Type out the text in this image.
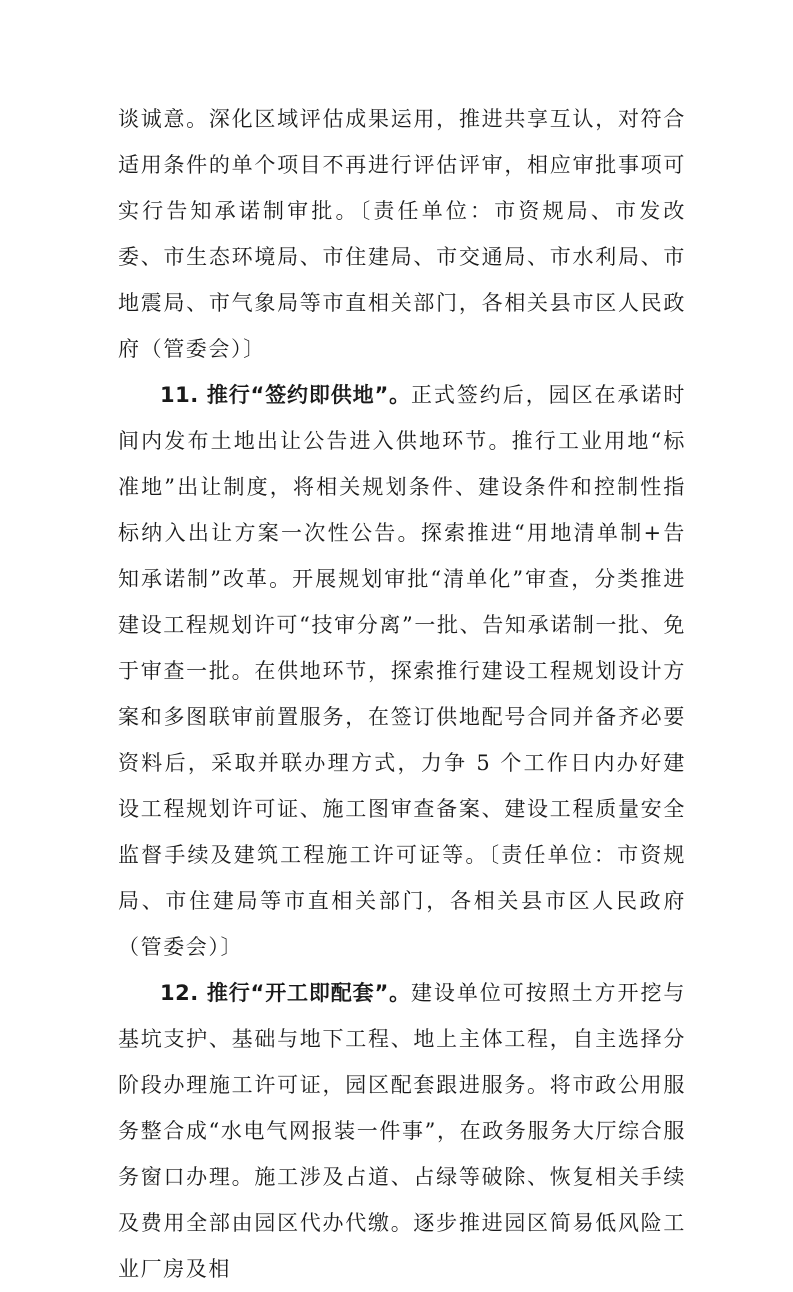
谈诚意。深化区域评估成果运用，推进共享互认，对符合适用条件的单个项目不再进行评估评审，相应审批事项可实行告知承诺制审批。〔责任单位：市资规局、市发改委、市生态环境局、市住建局、市交通局、市水利局、市地震局、市气象局等市直相关部门，各相关县市区人民政府（管委会）〕

11. 推行“签约即供地”。正式签约后，园区在承诺时间内发布土地出让公告进入供地环节。推行工业用地“标准地”出让制度，将相关规划条件、建设条件和控制性指标纳入出让方案一次性公告。探索推进“用地清单制+告知承诺制”改革。开展规划审批“清单化”审查，分类推进建设工程规划许可“技审分离”一批、告知承诺制一批、免于审查一批。在供地环节，探索推行建设工程规划设计方案和多图联审前置服务，在签订供地配号合同并备齐必要资料后，采取并联办理方式，力争 5 个工作日内办好建设工程规划许可证、施工图审查备案、建设工程质量安全监督手续及建筑工程施工许可证等。〔责任单位：市资规局、市住建局等市直相关部门，各相关县市区人民政府（管委会）〕

12. 推行“开工即配套”。建设单位可按照土方开挖与基坑支护、基础与地下工程、地上主体工程，自主选择分阶段办理施工许可证，园区配套跟进服务。将市政公用服务整合成“水电气网报装一件事”，在政务服务大厅综合服务窗口办理。施工涉及占道、占绿等破除、恢复相关手续及费用全部由园区代办代缴。逐步推进园区简易低风险工业厂房及相
